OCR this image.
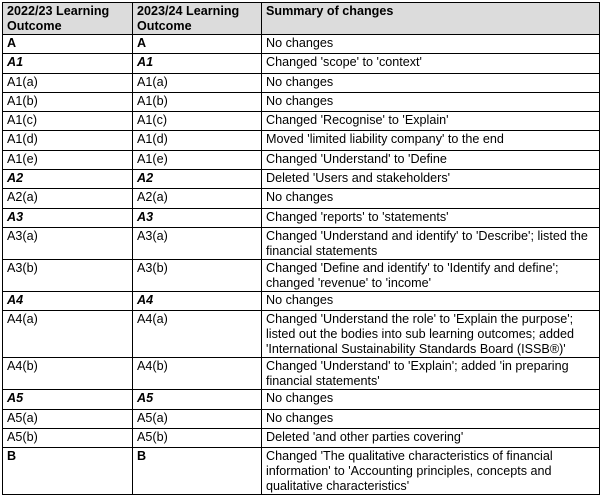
2022/23 Learning Outcome	2023/24 Learning Outcome	Summary of changes
A	A	No changes
A1	A1	Changed 'scope' to 'context'
A1(a)	A1(a)	No changes
A1(b)	A1(b)	No changes
A1(c)	A1(c)	Changed 'Recognise' to 'Explain'
A1(d)	A1(d)	Moved 'limited liability company' to the end
A1(e)	A1(e)	Changed 'Understand' to 'Define
A2	A2	Deleted 'Users and stakeholders'
A2(a)	A2(a)	No changes
A3	A3	Changed 'reports' to 'statements'
A3(a)	A3(a)	Changed 'Understand and identify' to 'Describe'; listed the financial statements
A3(b)	A3(b)	Changed 'Define and identify' to 'Identify and define'; changed 'revenue' to 'income'
A4	A4	No changes
A4(a)	A4(a)	Changed 'Understand the role' to 'Explain the purpose'; listed out the bodies into sub learning outcomes; added 'International Sustainability Standards Board (ISSB®)'
A4(b)	A4(b)	Changed 'Understand' to 'Explain'; added 'in preparing financial statements'
A5	A5	No changes
A5(a)	A5(a)	No changes
A5(b)	A5(b)	Deleted 'and other parties covering'
B	B	Changed 'The qualitative characteristics of financial information' to 'Accounting principles, concepts and qualitative characteristics'
